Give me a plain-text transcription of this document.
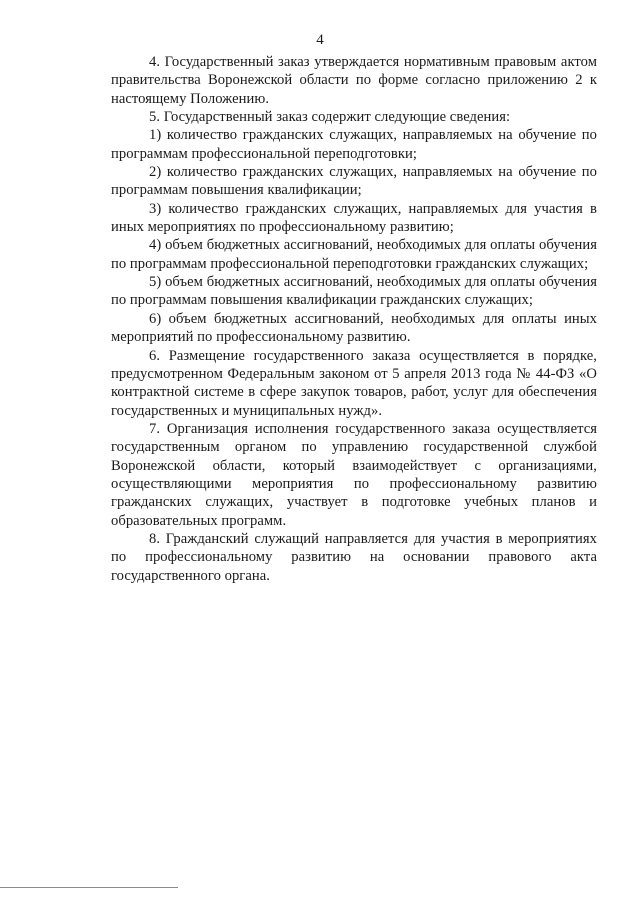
4

4. Государственный заказ утверждается нормативным правовым актом правительства Воронежской области по форме согласно приложению 2 к настоящему Положению.

5. Государственный заказ содержит следующие сведения:

1) количество гражданских служащих, направляемых на обучение по программам профессиональной переподготовки;

2) количество гражданских служащих, направляемых на обучение по программам повышения квалификации;

3) количество гражданских служащих, направляемых для участия в иных мероприятиях по профессиональному развитию;

4) объем бюджетных ассигнований, необходимых для оплаты обучения по программам профессиональной переподготовки гражданских служащих;

5) объем бюджетных ассигнований, необходимых для оплаты обучения по программам повышения квалификации гражданских служащих;

6) объем бюджетных ассигнований, необходимых для оплаты иных мероприятий по профессиональному развитию.

6. Размещение государственного заказа осуществляется в порядке, предусмотренном Федеральным законом от 5 апреля 2013 года № 44-ФЗ «О контрактной системе в сфере закупок товаров, работ, услуг для обеспечения государственных и муниципальных нужд».

7. Организация исполнения государственного заказа осуществляется государственным органом по управлению государственной службой Воронежской области, который взаимодействует с организациями, осуществляющими мероприятия по профессиональному развитию гражданских служащих, участвует в подготовке учебных планов и образовательных программ.

8. Гражданский служащий направляется для участия в мероприятиях по профессиональному развитию на основании правового акта государственного органа.
